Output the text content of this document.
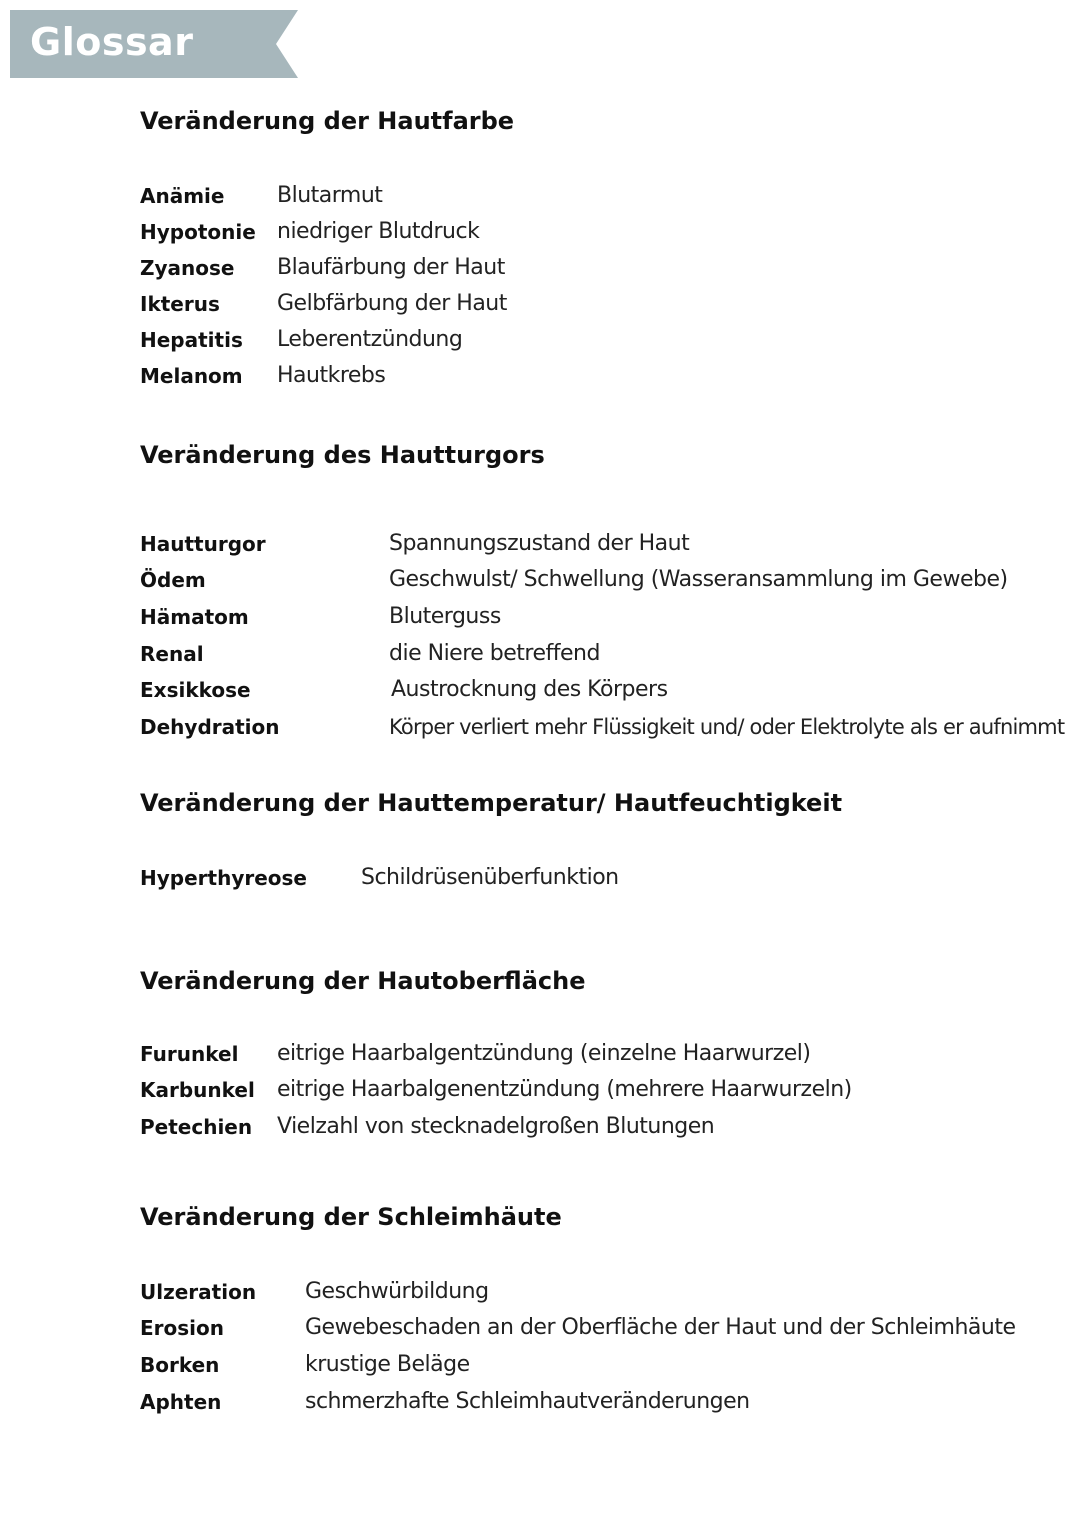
Glossar
Veränderung der Hautfarbe
Anämie Blutarmut
Hypotonie niedriger Blutdruck
Zyanose Blaufärbung der Haut
Ikterus	Gelbfärbung der Haut
Hepatitis Leberentzündung
Melanom Hautkrebs
Veränderung des Hautturgors
Hautturgor	Spannungszustand der Haut
Ödem	Geschwulst/ Schwellung (Wasseransammlung im Gewebe)
Hämatom	Bluterguss
Renal	die Niere betreffend
Exsikkose	Austrocknung des Körpers
Dehydration	Körper verliert mehr Flüssigkeit und/ oder Elektrolyte als er aufnimmt
Veränderung der Hauttemperatur/ Hautfeuchtigkeit
Hyperthyreose Schildrüsenüberfunktion
Veränderung der Hautoberfläche
Furunkel eitrige Haarbalgentzündung (einzelne Haarwurzel)
Karbunkel eitrige Haarbalgenentzündung (mehrere Haarwurzeln)
Petechien Vielzahl von stecknadelgroßen Blutungen
Veränderung der Schleimhäute
Ulzeration Geschwürbildung
Erosion	Gewebeschaden an der Oberfläche der Haut und der Schleimhäute
Borken	krustige Beläge
Aphten	schmerzhafte Schleimhautveränderungen
